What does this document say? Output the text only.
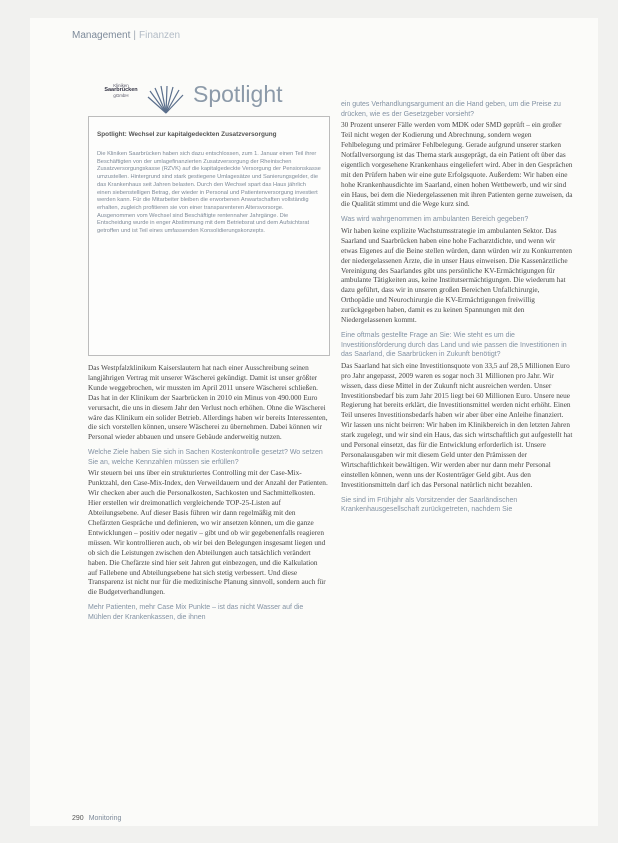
Management | Finanzen
Kliniken
Saarbrücken
gGmbH	Spotlight
Spotlight: Wechsel zur kapitalgedeckten Zusatzversorgung
Die Kliniken Saarbrücken haben sich dazu entschlossen, zum 1. Januar einen Teil ihrer Beschäftigten von der umlagefinanzierten Zusatzversorgung der Rheinischen Zusatzversorgungskasse (RZVK) auf die kapitalgedeckte Versorgung der Pensionskasse umzustellen. Hintergrund sind stark gestiegene Umlagesätze und Sanierungsgelder, die das Krankenhaus seit Jahren belasten. Durch den Wechsel spart das Haus jährlich einen siebenstelligen Betrag, der wieder in Personal und Patientenversorgung investiert werden kann. Für die Mitarbeiter bleiben die erworbenen Anwartschaften vollständig erhalten, zugleich profitieren sie von einer transparenteren Altersvorsorge. Ausgenommen vom Wechsel sind Beschäftigte rentennaher Jahrgänge. Die Entscheidung wurde in enger Abstimmung mit dem Betriebsrat und dem Aufsichtsrat getroffen und ist Teil eines umfassenden Konsolidierungskonzepts.

Das Westpfalzklinikum Kaiserslautern hat nach einer Ausschreibung seinen langjährigen Vertrag mit unserer Wäscherei gekündigt. Damit ist unser größter Kunde weggebrochen, wir mussten im April 2011 unsere Wäscherei schließen. Das hat in der Klinikum der Saarbrücken in 2010 ein Minus von 490.000 Euro verursacht, die uns in diesem Jahr den Verlust noch erhöhen. Ohne die Wäscherei wäre das Klinikum ein solider Betrieb. Allerdings haben wir bereits Interessenten, die sich vorstellen können, unsere Wäscherei zu übernehmen. Dabei können wir Personal wieder abbauen und unsere Gebäude anderweitig nutzen.

Welche Ziele haben Sie sich in Sachen Kostenkontrolle gesetzt? Wo setzen Sie an, welche Kennzahlen müssen sie erfüllen?

Wir steuern bei uns über ein strukturiertes Controlling mit der Case-Mix-Punktzahl, den Case-Mix-Index, den Verweildauern und der Anzahl der Patienten. Wir checken aber auch die Personalkosten, Sachkosten und Sachmittelkosten. Hier erstellen wir dreimonatlich vergleichende TOP-25-Listen auf Abteilungsebene. Auf dieser Basis führen wir dann regelmäßig mit den Chefärzten Gespräche und definieren, wo wir ansetzen können, um die ganze Entwicklungen – positiv oder negativ – gibt und ob wir gegebenenfalls reagieren müssen. Wir kontrollieren auch, ob wir bei den Belegungen insgesamt liegen und ob sich die Leistungen zwischen den Abteilungen auch tatsächlich verändert haben. Die Chefärzte sind hier seit Jahren gut einbezogen, und die Kalkulation auf Fallebene und Abteilungsebene hat sich stetig verbessert. Und diese Transparenz ist nicht nur für die medizinische Planung sinnvoll, sondern auch für die Budgetverhandlungen.

Mehr Patienten, mehr Case Mix Punkte – ist das nicht Wasser auf die Mühlen der Krankenkassen, die ihnen

ein gutes Verhandlungsargument an die Hand geben, um die Preise zu drücken, wie es der Gesetzgeber vorsieht?

30 Prozent unserer Fälle werden vom MDK oder SMD geprüft – ein großer Teil nicht wegen der Kodierung und Abrechnung, sondern wegen Fehlbelegung und primärer Fehlbelegung. Gerade aufgrund unserer starken Notfallversorgung ist das Thema stark ausgeprägt, da ein Patient oft über das eigentlich vorgesehene Krankenhaus eingeliefert wird. Aber in den Gesprächen mit den Prüfern haben wir eine gute Erfolgsquote. Außerdem: Wir haben eine hohe Krankenhausdichte im Saarland, einen hohen Wettbewerb, und wir sind ein Haus, bei dem die Niedergelassenen mit ihren Patienten gerne zuweisen, da die Qualität stimmt und die Wege kurz sind.

Was wird wahrgenommen im ambulanten Bereich gegeben?

Wir haben keine explizite Wachstumsstrategie im ambulanten Sektor. Das Saarland und Saarbrücken haben eine hohe Facharztdichte, und wenn wir etwas Eigenes auf die Beine stellen würden, dann würden wir zu Konkurrenten der niedergelassenen Ärzte, die in unser Haus einweisen. Die Kassenärztliche Vereinigung des Saarlandes gibt uns persönliche KV-Ermächtigungen für ambulante Tätigkeiten aus, keine Institutsermächtigungen. Die wiederum hat dazu geführt, dass wir in unseren großen Bereichen Unfallchirurgie, Orthopädie und Neurochirurgie die KV-Ermächtigungen freiwillig zurückgegeben haben, damit es zu keinen Spannungen mit den Niedergelassenen kommt.

Eine oftmals gestellte Frage an Sie: Wie steht es um die Investitionsförderung durch das Land und wie passen die Investitionen in das Saarland, die Saarbrücken in Zukunft benötigt?

Das Saarland hat sich eine Investitionsquote von 33,5 auf 28,5 Millionen Euro pro Jahr angepasst, 2009 waren es sogar noch 31 Millionen pro Jahr. Wir wissen, dass diese Mittel in der Zukunft nicht ausreichen werden. Unser Investitionsbedarf bis zum Jahr 2015 liegt bei 60 Millionen Euro. Unsere neue Regierung hat bereits erklärt, die Investitionsmittel werden nicht erhöht. Einen Teil unseres Investitionsbedarfs haben wir aber über eine Anleihe finanziert. Wir lassen uns nicht beirren: Wir haben im Klinikbereich in den letzten Jahren stark zugelegt, und wir sind ein Haus, das sich wirtschaftlich gut aufgestellt hat und Personal einsetzt, das für die Entwicklung erforderlich ist. Unsere Personalausgaben wir mit diesem Geld unter den Prämissen der Wirtschaftlichkeit bewältigen. Wir werden aber nur dann mehr Personal einstellen können, wenn uns der Kostenträger Geld gibt. Aus den Investitionsmitteln darf ich das Personal natürlich nicht bezahlen.

Sie sind im Frühjahr als Vorsitzender der Saarländischen Krankenhausgesellschaft zurückgetreten, nachdem Sie

290 Monitoring
